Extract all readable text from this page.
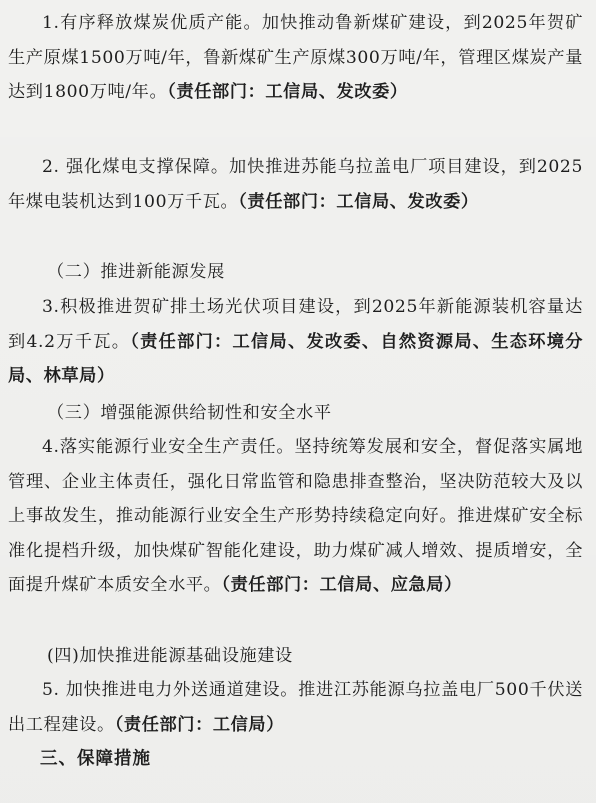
1.有序释放煤炭优质产能。加快推动鲁新煤矿建设，到2025年贺矿生产原煤1500万吨/年，鲁新煤矿生产原煤300万吨/年，管理区煤炭产量达到1800万吨/年。（责任部门：工信局、发改委）

2. 强化煤电支撑保障。加快推进苏能乌拉盖电厂项目建设，到2025年煤电装机达到100万千瓦。（责任部门：工信局、发改委）

（二）推进新能源发展

3.积极推进贺矿排土场光伏项目建设，到2025年新能源装机容量达到4.2万千瓦。（责任部门：工信局、发改委、自然资源局、生态环境分局、林草局）

（三）增强能源供给韧性和安全水平

4.落实能源行业安全生产责任。坚持统筹发展和安全，督促落实属地管理、企业主体责任，强化日常监管和隐患排查整治，坚决防范较大及以上事故发生，推动能源行业安全生产形势持续稳定向好。推进煤矿安全标准化提档升级，加快煤矿智能化建设，助力煤矿减人增效、提质增安，全面提升煤矿本质安全水平。（责任部门：工信局、应急局）

(四)加快推进能源基础设施建设

5. 加快推进电力外送通道建设。推进江苏能源乌拉盖电厂500千伏送出工程建设。（责任部门：工信局）

三、保障措施
